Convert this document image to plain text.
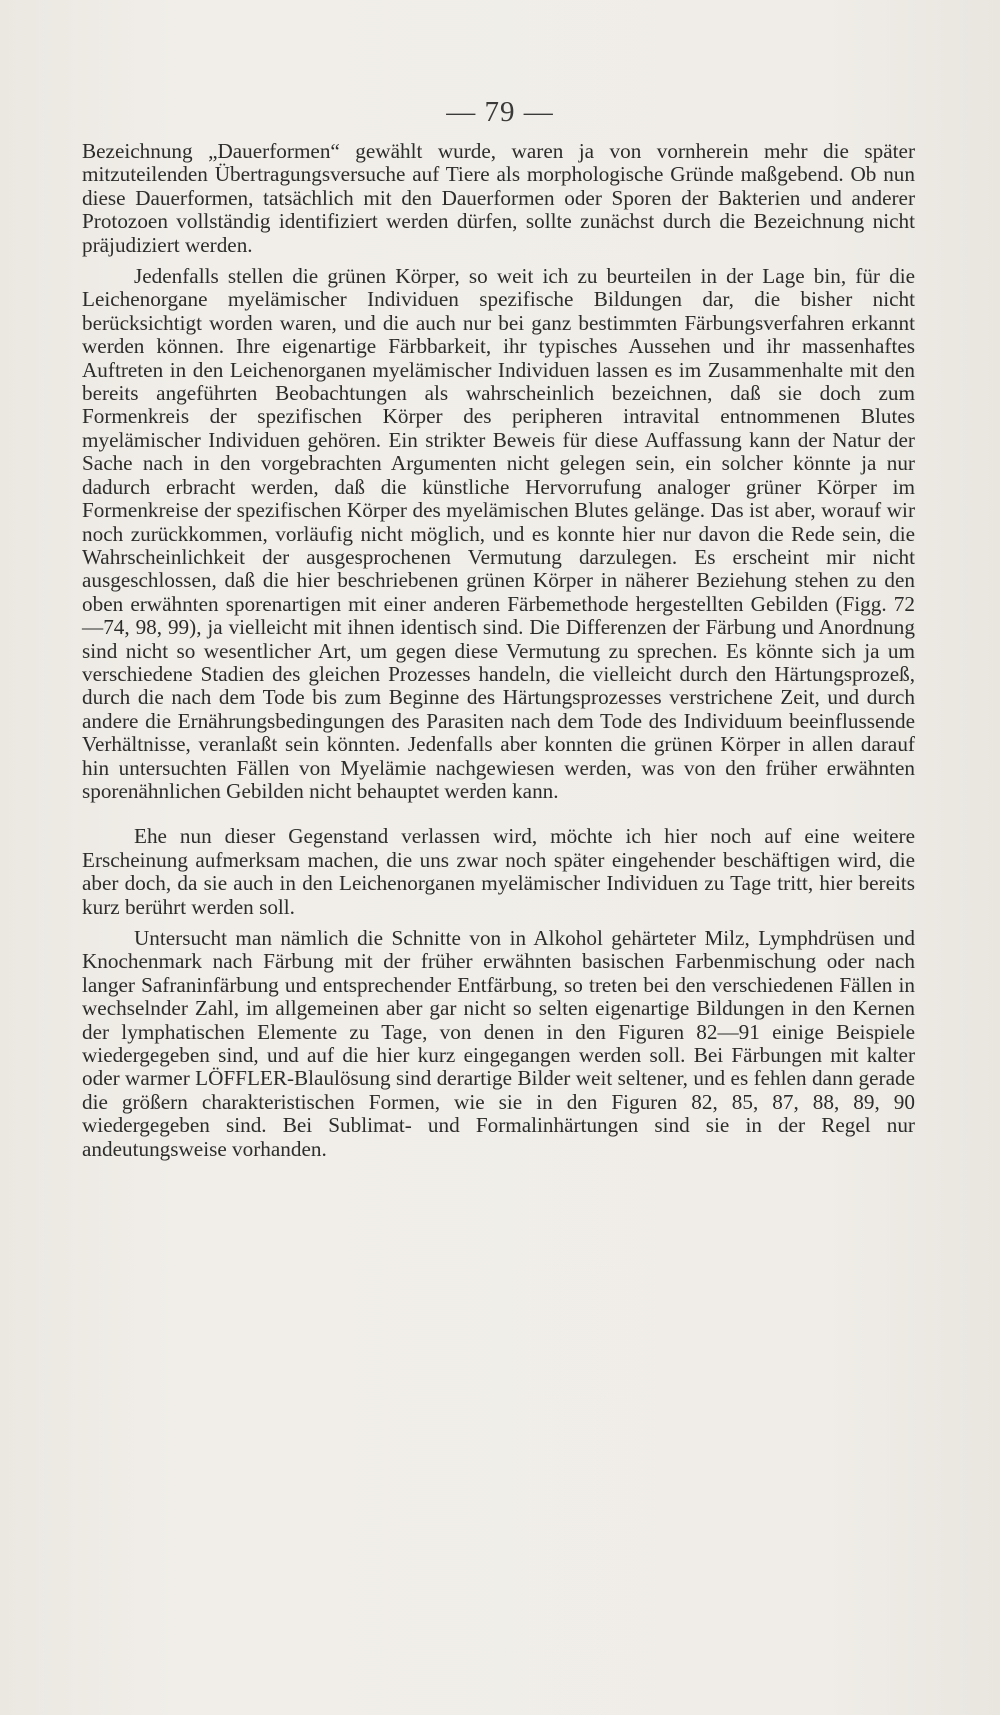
— 79 —

Bezeichnung „Dauerformen“ gewählt wurde, waren ja von vornherein mehr die später mitzuteilenden Übertragungsversuche auf Tiere als morphologische Gründe maßgebend. Ob nun diese Dauerformen, tatsächlich mit den Dauerformen oder Sporen der Bakterien und anderer Protozoen vollständig identifiziert werden dürfen, sollte zunächst durch die Bezeichnung nicht präjudiziert werden.

Jedenfalls stellen die grünen Körper, so weit ich zu beurteilen in der Lage bin, für die Leichenorgane myelämischer Individuen spezifische Bildungen dar, die bisher nicht berücksichtigt worden waren, und die auch nur bei ganz bestimmten Färbungsverfahren erkannt werden können. Ihre eigenartige Färbbarkeit, ihr typisches Aussehen und ihr massenhaftes Auftreten in den Leichenorganen myelämischer Individuen lassen es im Zusammenhalte mit den bereits angeführten Beobachtungen als wahrscheinlich bezeichnen, daß sie doch zum Formenkreis der spezifischen Körper des peripheren intravital entnommenen Blutes myelämischer Individuen gehören. Ein strikter Beweis für diese Auffassung kann der Natur der Sache nach in den vorgebrachten Argumenten nicht gelegen sein, ein solcher könnte ja nur dadurch erbracht werden, daß die künstliche Hervorrufung analoger grüner Körper im Formenkreise der spezifischen Körper des myelämischen Blutes gelänge. Das ist aber, worauf wir noch zurückkommen, vorläufig nicht möglich, und es konnte hier nur davon die Rede sein, die Wahrscheinlichkeit der ausgesprochenen Vermutung darzulegen. Es erscheint mir nicht ausgeschlossen, daß die hier beschriebenen grünen Körper in näherer Beziehung stehen zu den oben erwähnten sporenartigen mit einer anderen Färbemethode hergestellten Gebilden (Figg. 72—74, 98, 99), ja vielleicht mit ihnen identisch sind. Die Differenzen der Färbung und Anordnung sind nicht so wesentlicher Art, um gegen diese Vermutung zu sprechen. Es könnte sich ja um verschiedene Stadien des gleichen Prozesses handeln, die vielleicht durch den Härtungsprozeß, durch die nach dem Tode bis zum Beginne des Härtungsprozesses verstrichene Zeit, und durch andere die Ernährungsbedingungen des Parasiten nach dem Tode des Individuum beeinflussende Verhältnisse, veranlaßt sein könnten. Jedenfalls aber konnten die grünen Körper in allen darauf hin untersuchten Fällen von Myelämie nachgewiesen werden, was von den früher erwähnten sporenähnlichen Gebilden nicht behauptet werden kann.

Ehe nun dieser Gegenstand verlassen wird, möchte ich hier noch auf eine weitere Erscheinung aufmerksam machen, die uns zwar noch später eingehender beschäftigen wird, die aber doch, da sie auch in den Leichenorganen myelämischer Individuen zu Tage tritt, hier bereits kurz berührt werden soll.

Untersucht man nämlich die Schnitte von in Alkohol gehärteter Milz, Lymphdrüsen und Knochenmark nach Färbung mit der früher erwähnten basischen Farbenmischung oder nach langer Safraninfärbung und entsprechender Entfärbung, so treten bei den verschiedenen Fällen in wechselnder Zahl, im allgemeinen aber gar nicht so selten eigenartige Bildungen in den Kernen der lymphatischen Elemente zu Tage, von denen in den Figuren 82—91 einige Beispiele wiedergegeben sind, und auf die hier kurz eingegangen werden soll. Bei Färbungen mit kalter oder warmer LÖFFLER-Blaulösung sind derartige Bilder weit seltener, und es fehlen dann gerade die größern charakteristischen Formen, wie sie in den Figuren 82, 85, 87, 88, 89, 90 wiedergegeben sind. Bei Sublimat- und Formalinhärtungen sind sie in der Regel nur andeutungsweise vorhanden.
